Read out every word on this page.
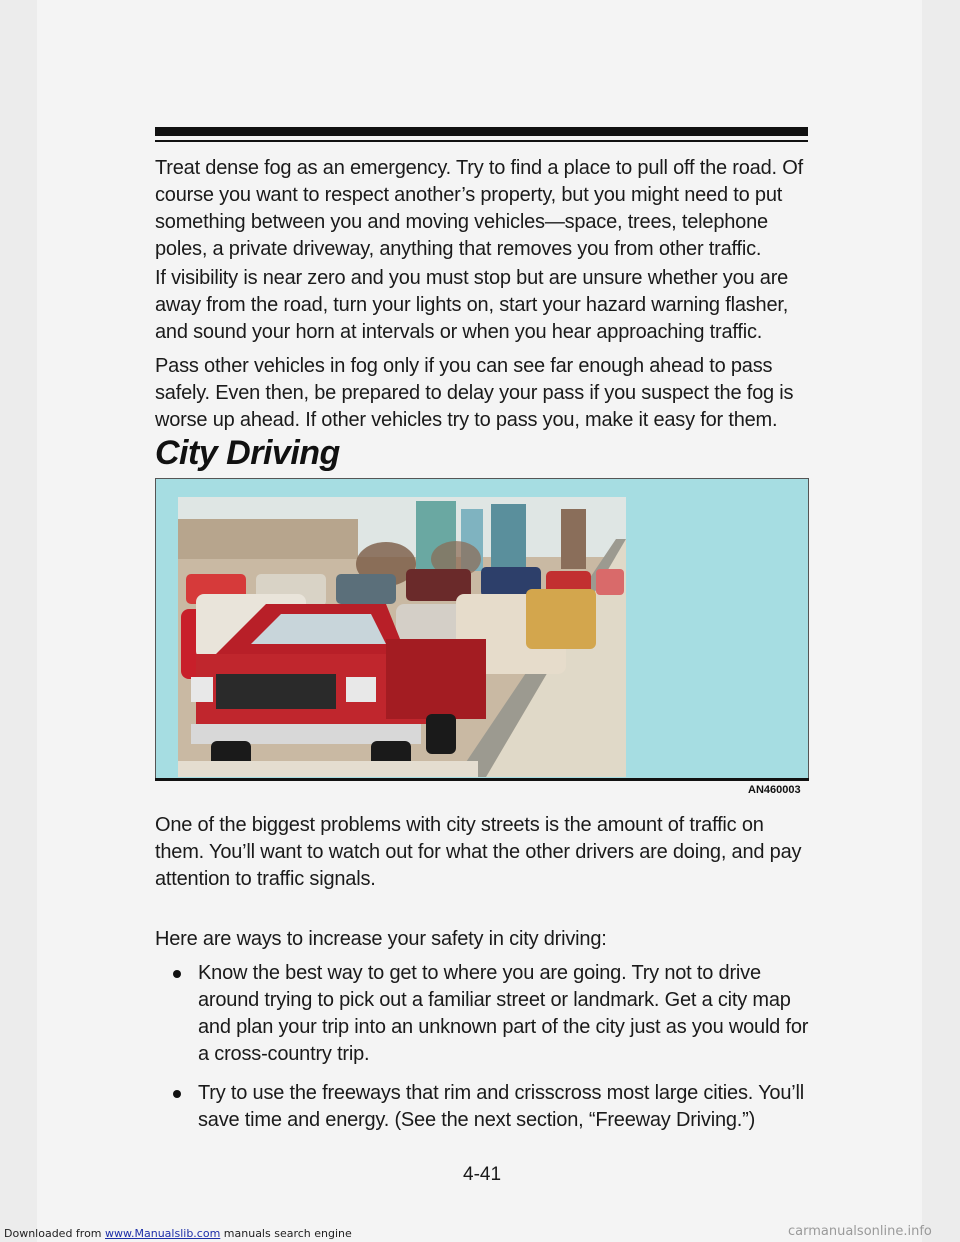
Treat dense fog as an emergency. Try to find a place to pull off the road. Of course you want to respect another’s property, but you might need to put something between you and moving vehicles—space, trees, telephone poles, a private driveway, anything that removes you from other traffic.
If visibility is near zero and you must stop but are unsure whether you are away from the road, turn your lights on, start your hazard warning flasher, and sound your horn at intervals or when you hear approaching traffic.
Pass other vehicles in fog only if you can see far enough ahead to pass safely. Even then, be prepared to delay your pass if you suspect the fog is worse up ahead. If other vehicles try to pass you, make it easy for them.
City Driving
AN460003
One of the biggest problems with city streets is the amount of traffic on them. You’ll want to watch out for what the other drivers are doing, and pay attention to traffic signals.
Here are ways to increase your safety in city driving:
Know the best way to get to where you are going. Try not to drive around trying to pick out a familiar street or landmark. Get a city map and plan your trip into an unknown part of the city just as you would for a cross-country trip.
Try to use the freeways that rim and crisscross most large cities. You’ll save time and energy. (See the next section, “Freeway Driving.”)
4-41
Downloaded from www.Manualslib.com manuals search engine	carmanualsonline.info
